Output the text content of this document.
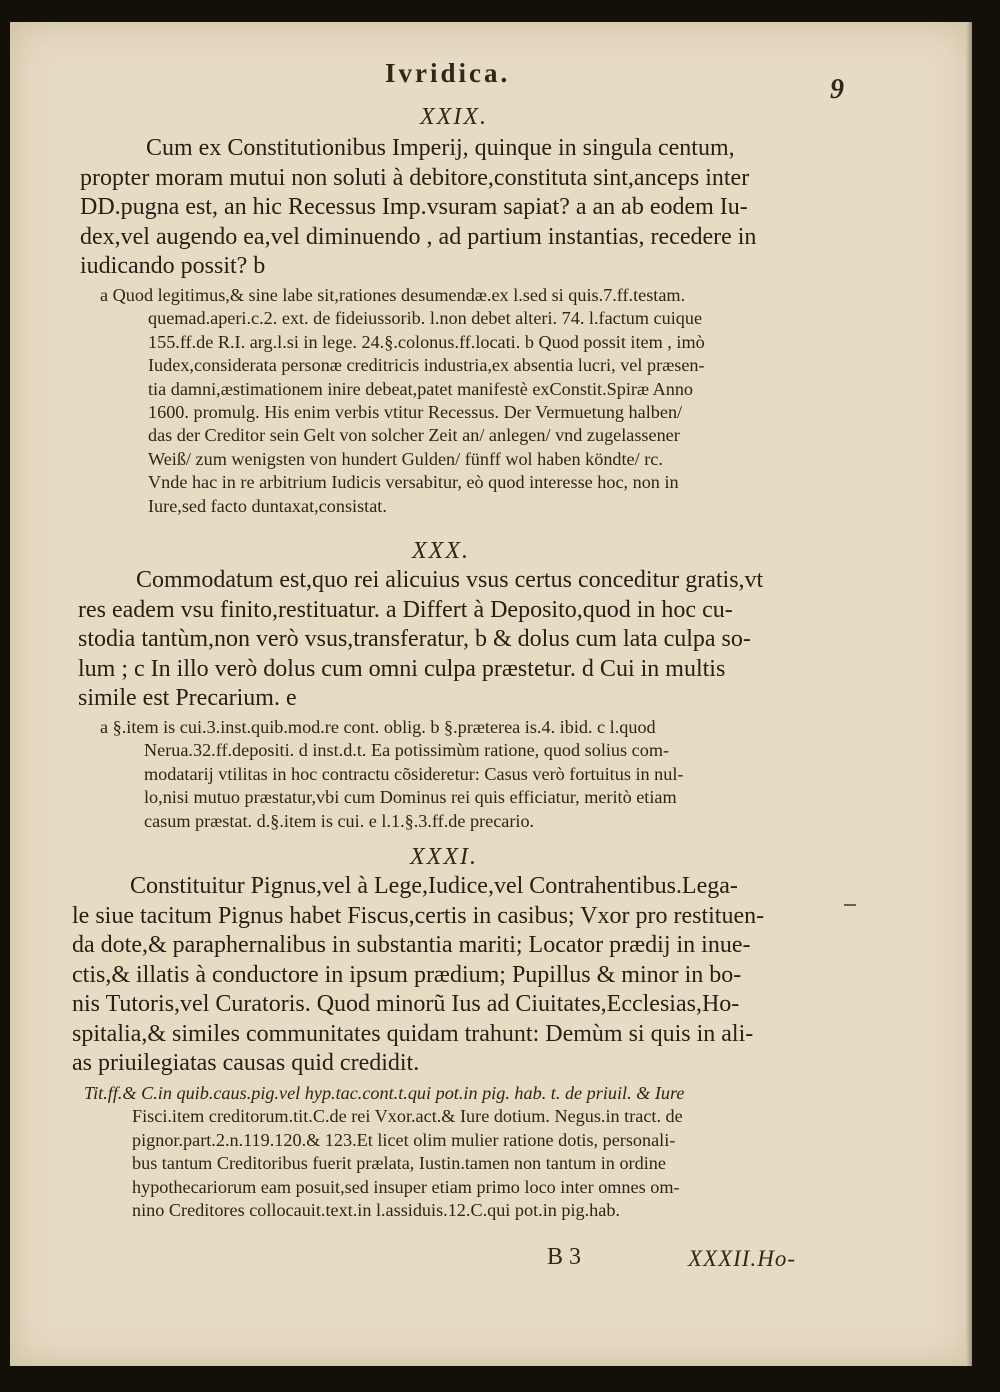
Ivridica.
9
XXIX.
Cum ex Constitutionibus Imperij, quinque in singula centum,
propter moram mutui non soluti à debitore,constituta sint,anceps inter
DD.pugna est, an hic Recessus Imp.vsuram sapiat? a an ab eodem Iu-
dex,vel augendo ea,vel diminuendo , ad partium instantias, recedere in
iudicando possit? b
a Quod legitimus,& sine labe sit,rationes desumendæ.ex l.sed si quis.7.ff.testam.
quemad.aperi.c.2. ext. de fideiussorib. l.non debet alteri. 74. l.factum cuique
155.ff.de R.I. arg.l.si in lege. 24.§.colonus.ff.locati. b Quod possit item , imò
Iudex,considerata personæ creditricis industria,ex absentia lucri, vel præsen-
tia damni,æstimationem inire debeat,patet manifestè exConstit.Spiræ Anno
1600. promulg. His enim verbis vtitur Recessus. Der Vermuetung halben/
das der Creditor sein Gelt von solcher Zeit an/ anlegen/ vnd zugelassener
Weiß/ zum wenigsten von hundert Gulden/ fünff wol haben köndte/ rc.
Vnde hac in re arbitrium Iudicis versabitur, eò quod interesse hoc, non in
Iure,sed facto duntaxat,consistat.
XXX.
Commodatum est,quo rei alicuius vsus certus conceditur gratis,vt
res eadem vsu finito,restituatur. a Differt à Deposito,quod in hoc cu-
stodia tantùm,non verò vsus,transferatur, b & dolus cum lata culpa so-
lum ; c In illo verò dolus cum omni culpa præstetur. d Cui in multis
simile est Precarium. e
a §.item is cui.3.inst.quib.mod.re cont. oblig. b §.præterea is.4. ibid. c l.quod
Nerua.32.ff.depositi. d inst.d.t. Ea potissimùm ratione, quod solius com-
modatarij vtilitas in hoc contractu cõsideretur: Casus verò fortuitus in nul-
lo,nisi mutuo præstatur,vbi cum Dominus rei quis efficiatur, meritò etiam
casum præstat. d.§.item is cui. e l.1.§.3.ff.de precario.
XXXI.
Constituitur Pignus,vel à Lege,Iudice,vel Contrahentibus.Lega-
le siue tacitum Pignus habet Fiscus,certis in casibus; Vxor pro restituen-
da dote,& paraphernalibus in substantia mariti; Locator prædij in inue-
ctis,& illatis à conductore in ipsum prædium; Pupillus & minor in bo-
nis Tutoris,vel Curatoris. Quod minorũ Ius ad Ciuitates,Ecclesias,Ho-
spitalia,& similes communitates quidam trahunt: Demùm si quis in ali-
as priuilegiatas causas quid credidit.
Tit.ff.& C.in quib.caus.pig.vel hyp.tac.cont.t.qui pot.in pig. hab. t. de priuil. & Iure
Fisci.item creditorum.tit.C.de rei Vxor.act.& Iure dotium. Negus.in tract. de
pignor.part.2.n.119.120.& 123.Et licet olim mulier ratione dotis, personali-
bus tantum Creditoribus fuerit prælata, Iustin.tamen non tantum in ordine
hypothecariorum eam posuit,sed insuper etiam primo loco inter omnes om-
nino Creditores collocauit.text.in l.assiduis.12.C.qui pot.in pig.hab.
B 3	XXXII.Ho-
